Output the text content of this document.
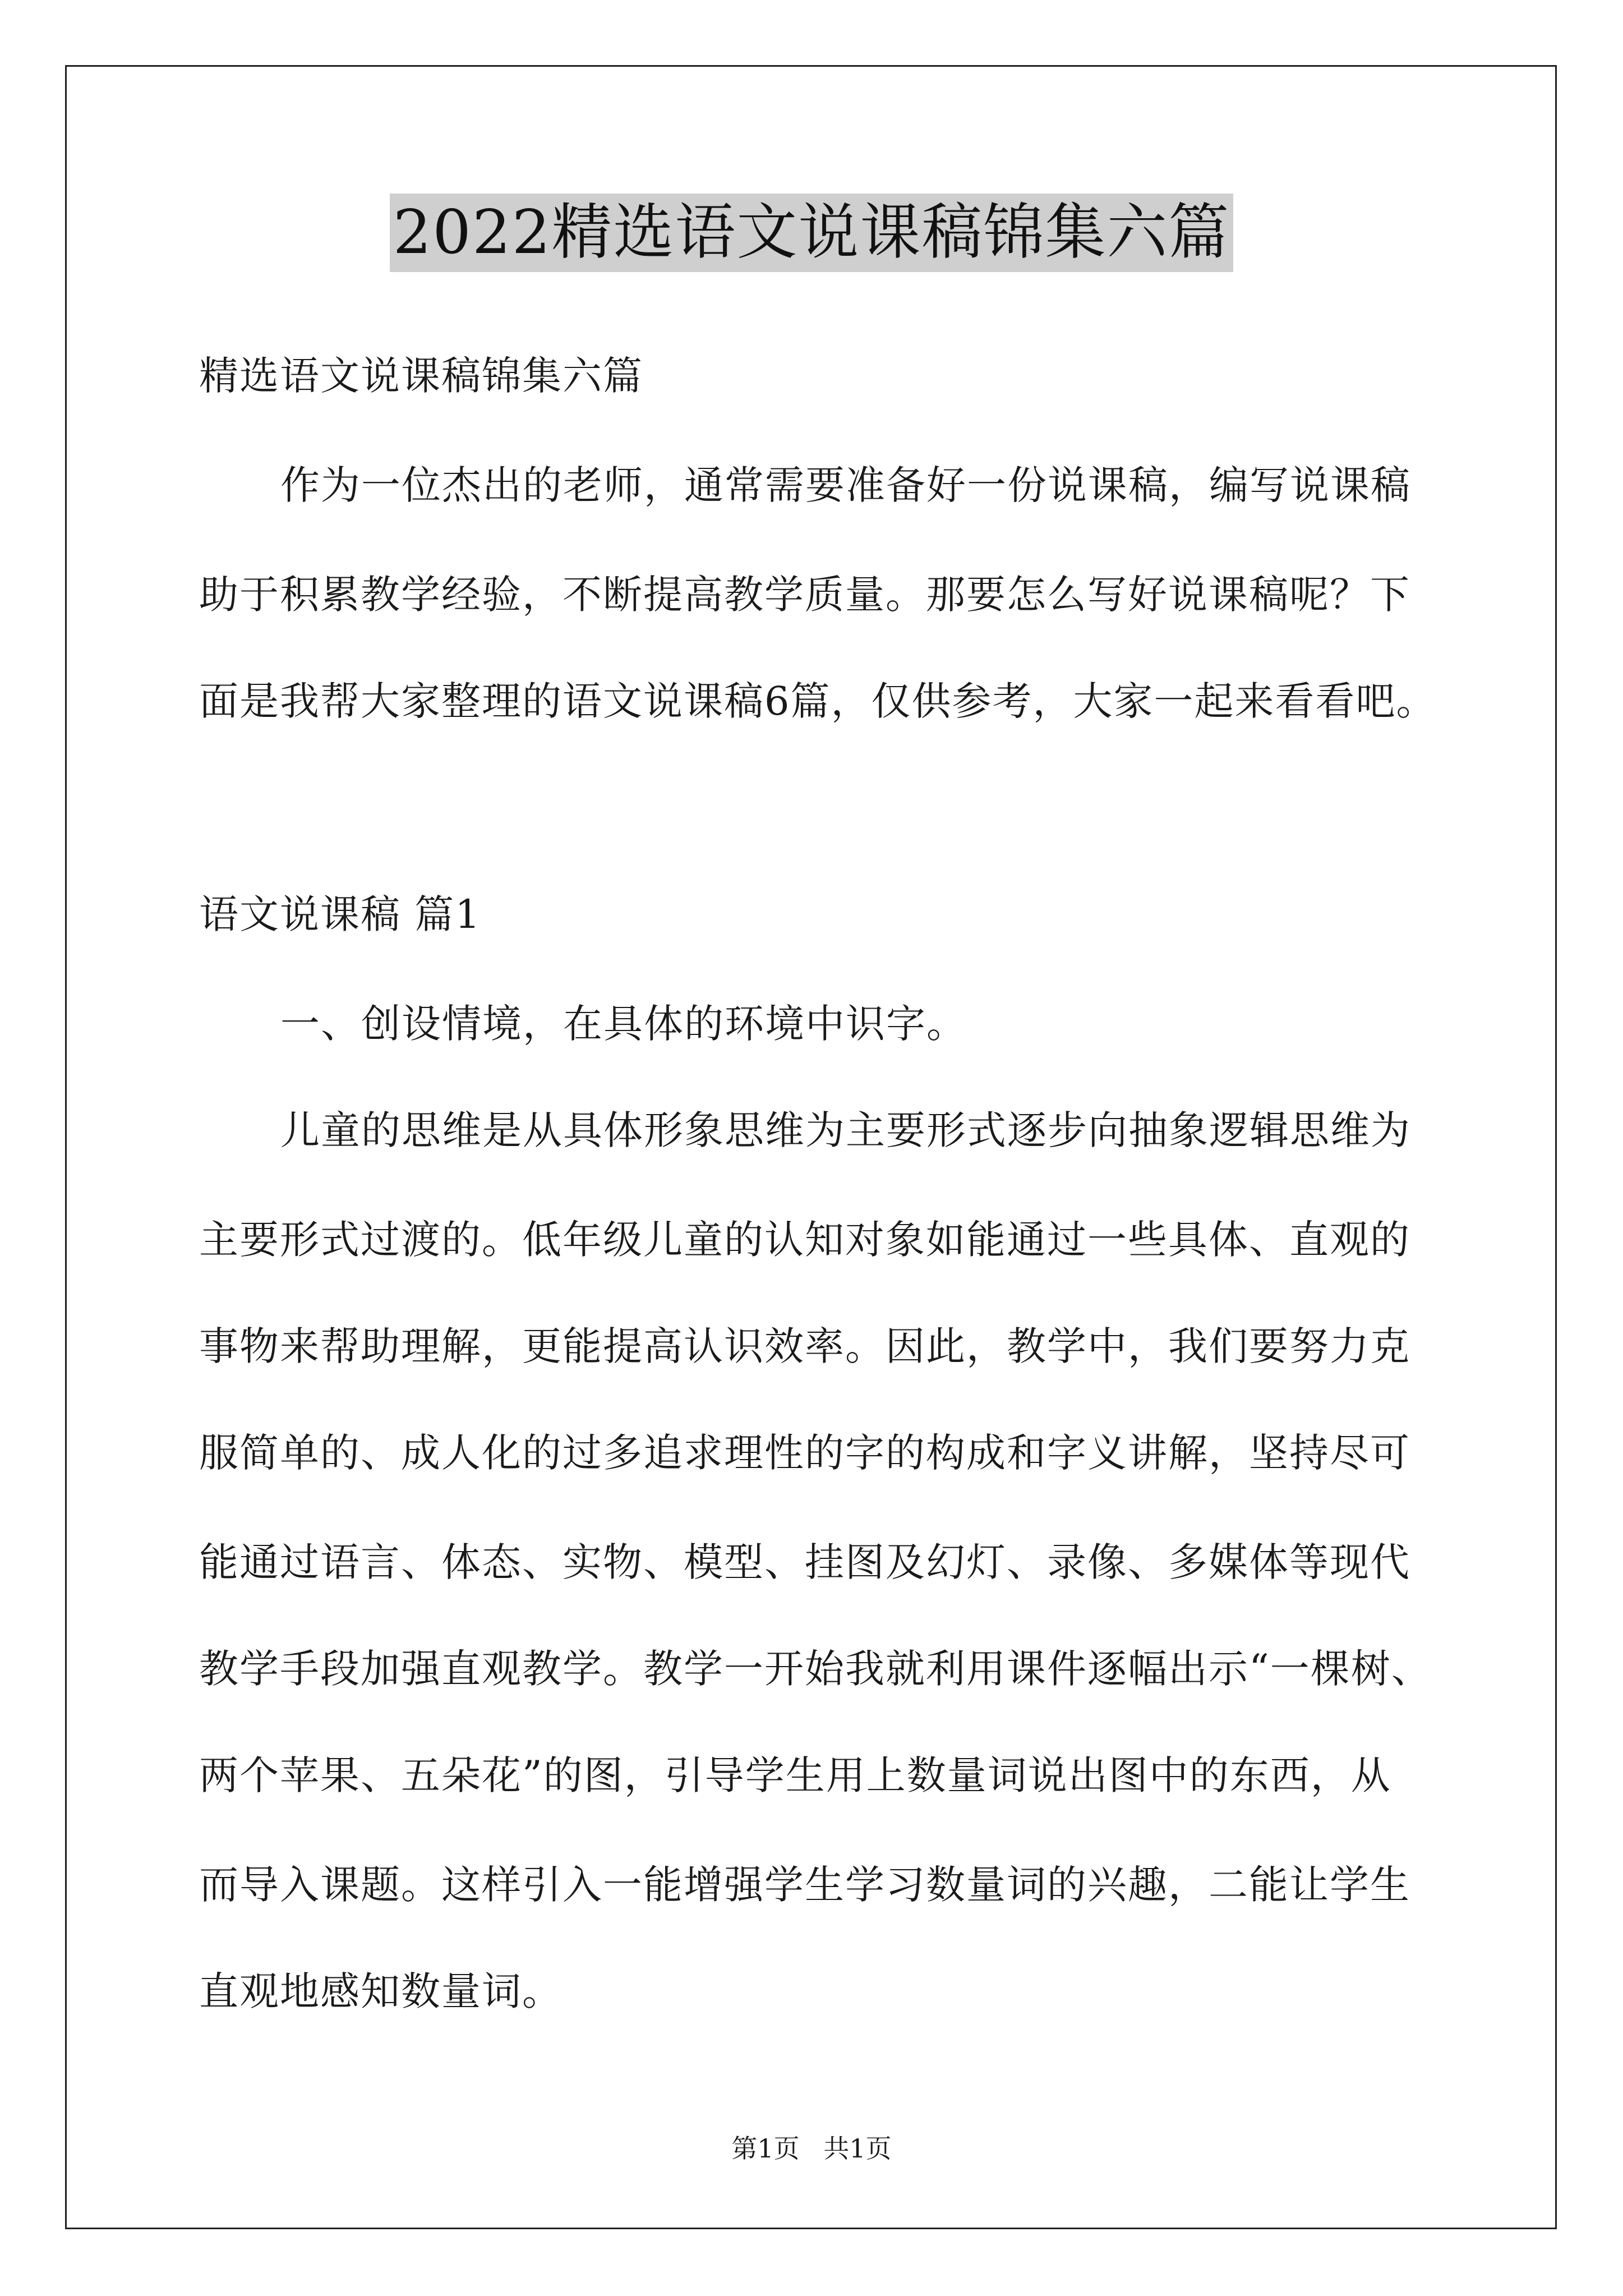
2022精选语文说课稿锦集六篇
精选语文说课稿锦集六篇
作为一位杰出的老师，通常需要准备好一份说课稿，编写说课稿
助于积累教学经验，不断提高教学质量。那要怎么写好说课稿呢？下
面是我帮大家整理的语文说课稿6篇，仅供参考，大家一起来看看吧。
语文说课稿 篇1
一、创设情境，在具体的环境中识字。
儿童的思维是从具体形象思维为主要形式逐步向抽象逻辑思维为
主要形式过渡的。低年级儿童的认知对象如能通过一些具体、直观的
事物来帮助理解，更能提高认识效率。因此，教学中，我们要努力克
服简单的、成人化的过多追求理性的字的构成和字义讲解，坚持尽可
能通过语言、体态、实物、模型、挂图及幻灯、录像、多媒体等现代
教学手段加强直观教学。教学一开始我就利用课件逐幅出示“一棵树、
两个苹果、五朵花”的图，引导学生用上数量词说出图中的东西，从
而导入课题。这样引入一能增强学生学习数量词的兴趣，二能让学生
直观地感知数量词。
第1页 共1页
